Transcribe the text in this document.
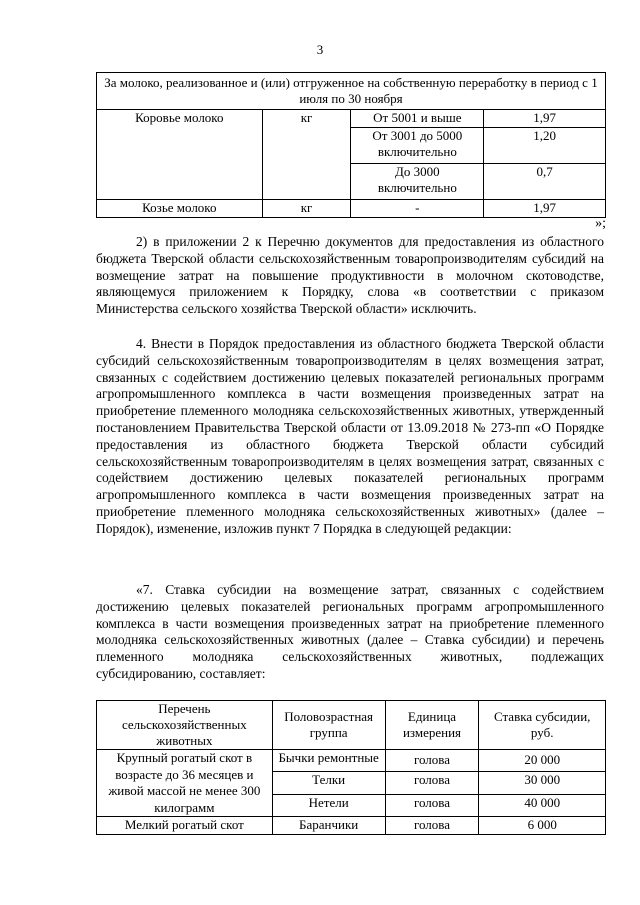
3
За молоко, реализованное и (или) отгруженное на собственную переработку в период с 1 июля по 30 ноября			
Коровье молоко	кг	От 5001 и выше	1,97
		От 3001 до 5000 включительно	1,20
		До 3000 включительно	0,7
Козье молоко	кг	-	1,97
»;

2) в приложении 2 к Перечню документов для предоставления из областного бюджета Тверской области сельскохозяйственным товаропроизводителям субсидий на возмещение затрат на повышение продуктивности в молочном скотоводстве, являющемуся приложением к Порядку, слова «в соответствии с приказом Министерства сельского хозяйства Тверской области» исключить.

4. Внести в Порядок предоставления из областного бюджета Тверской области субсидий сельскохозяйственным товаропроизводителям в целях возмещения затрат, связанных с содействием достижению целевых показателей региональных программ агропромышленного комплекса в части возмещения произведенных затрат на приобретение племенного молодняка сельскохозяйственных животных, утвержденный постановлением Правительства Тверской области от 13.09.2018 № 273-пп «О Порядке предоставления из областного бюджета Тверской области субсидий сельскохозяйственным товаропроизводителям в целях возмещения затрат, связанных с содействием достижению целевых показателей региональных программ агропромышленного комплекса в части возмещения произведенных затрат на приобретение племенного молодняка сельскохозяйственных животных» (далее – Порядок), изменение, изложив пункт 7 Порядка в следующей редакции:

«7. Ставка субсидии на возмещение затрат, связанных с содействием достижению целевых показателей региональных программ агропромышленного комплекса в части возмещения произведенных затрат на приобретение племенного молодняка сельскохозяйственных животных (далее – Ставка субсидии) и перечень племенного молодняка сельскохозяйственных животных, подлежащих субсидированию, составляет:

Перечень сельскохозяйственных животных	Половозрастная группа	Единица измерения	Ставка субсидии, руб.
Крупный рогатый скот в возрасте до 36 месяцев и живой массой не менее 300 килограмм	Бычки ремонтные	голова	20 000
	Телки	голова	30 000
	Нетели	голова	40 000
Мелкий рогатый скот	Баранчики	голова	6 000
